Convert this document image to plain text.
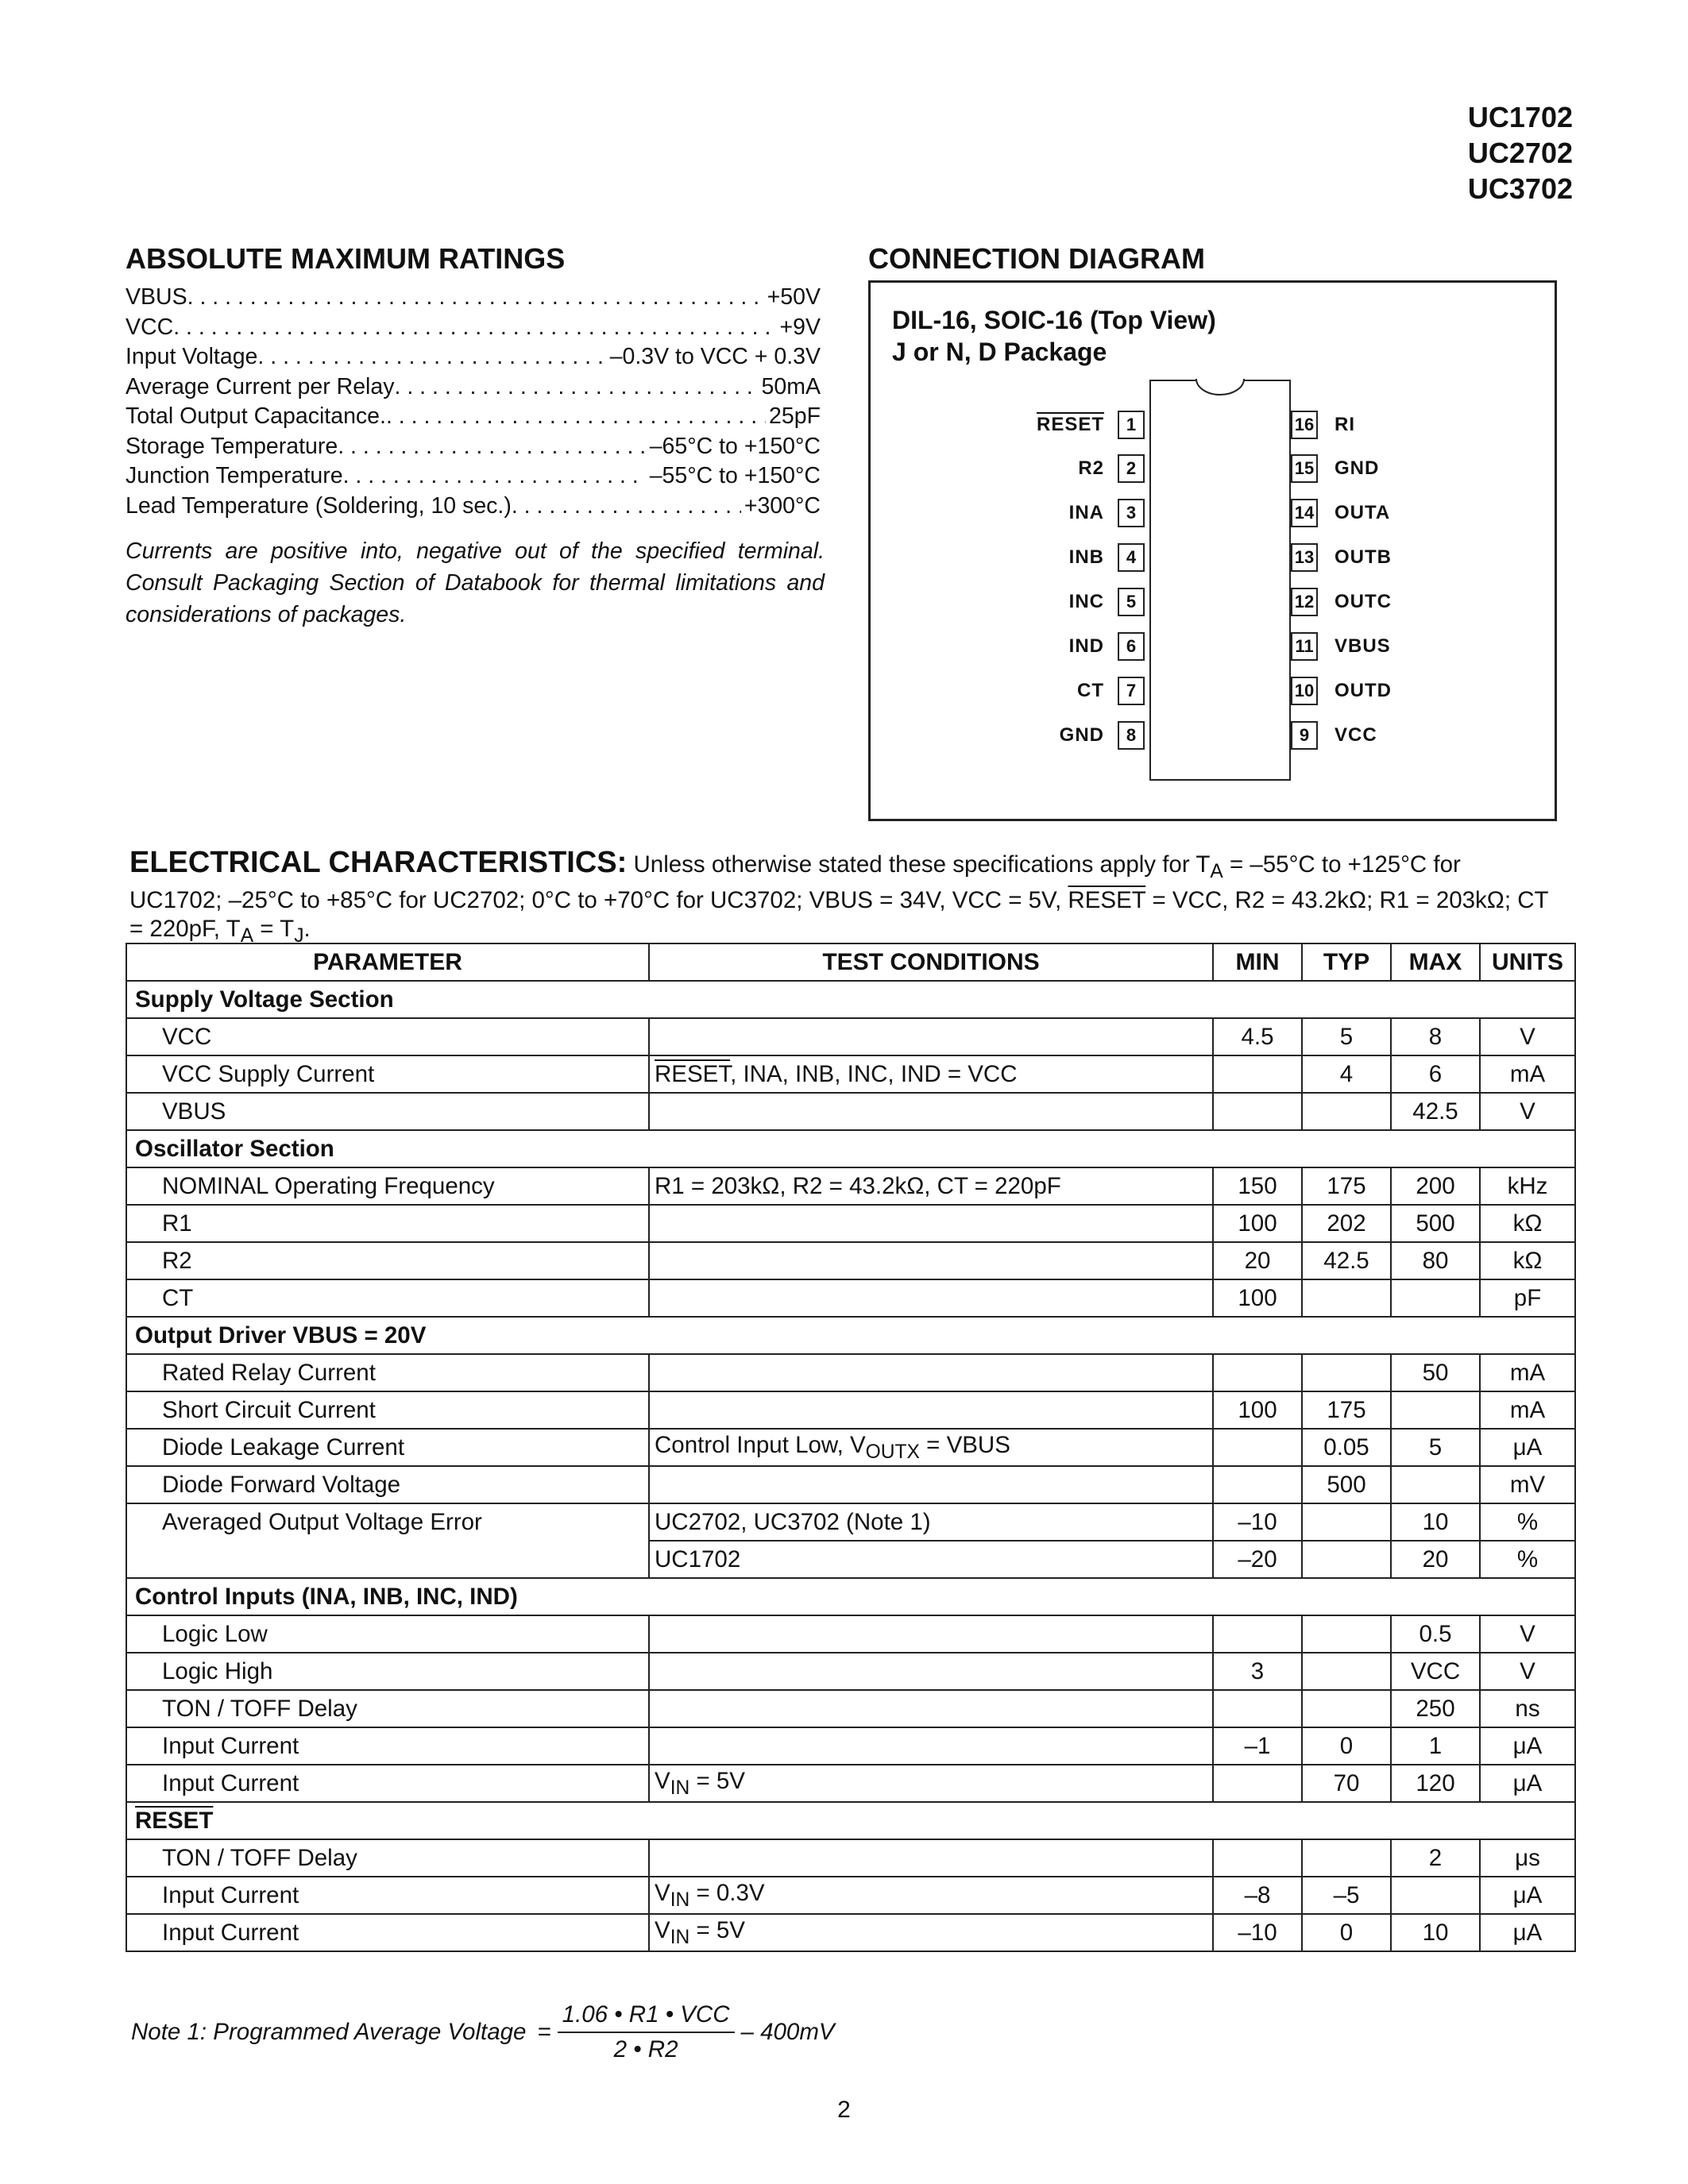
UC1702
UC2702
UC3702
ABSOLUTE MAXIMUM RATINGS
VBUS . . .	+50V
VCC . . .	+9V
Input Voltage . . .	–0.3V to VCC + 0.3V
Average Current per Relay . . .	50mA
Total Output Capacitance. . . .	25pF
Storage Temperature . . .	–65°C to +150°C
Junction Temperature . . .	–55°C to +150°C
Lead Temperature (Soldering, 10 sec.) . . .	+300°C
Currents are positive into, negative out of the specified terminal. Consult Packaging Section of Databook for thermal limitations and considerations of packages.
CONNECTION DIAGRAM
DIL-16, SOIC-16 (Top View)
J or N, D Package
1
RESET
2
R2
3
INA
4
INB
5
INC
6
IND
7
CT
8
GND
16 RI
15 GND
14 OUTA
13 OUTB
12 OUTC
11 VBUS
10 OUTD
9	VCC
ELECTRICAL CHARACTERISTICS: Unless otherwise stated these specifications apply for $T_A = -55^\circ C$ to +125°C for UC1702; –25°C to +85°C for UC2702; 0°C to +70°C for UC3702; VBUS = 34V, VCC = 5V, RESET = VCC, R2 = 43.2kΩ; R1 = 203kΩ; CT = 220pF, $T_A = T_J$.
PARAMETER	TEST CONDITIONS	MIN	TYP	MAX	UNITS
Supply Voltage Section					
VCC		4.5	5	8	V
VCC Supply Current	RESET, INA, INB, INC, IND = VCC		4	6	mA
VBUS				42.5	V
Oscillator Section					
NOMINAL Operating Frequency	R1 = 203kΩ, R2 = 43.2kΩ, CT = 220pF	150	175	200	kHz
R1		100	202	500	kΩ
R2		20	42.5	80	kΩ
CT		100			pF
Output Driver VBUS = 20V					
Rated Relay Current				50	mA
Short Circuit Current		100	175		mA
Diode Leakage Current	Control Input Low, $V_{OUTX}$ = VBUS		0.05	5	μA
Diode Forward Voltage			500		mV
Averaged Output Voltage Error	UC2702, UC3702 (Note 1)	–10		10	%
	UC1702	–20		20	%
Control Inputs (INA, INB, INC, IND)					
Logic Low				0.5	V
Logic High		3		VCC	V
TON / TOFF Delay				250	ns
Input Current		–1	0	1	μA
Input Current	$V_{IN} = 5V$		70	120	μA
RESET					
TON / TOFF Delay				2	μs
Input Current	$V_{IN} = 0.3V$	–8	–5		μA
Input Current	$V_{IN} = 5V$	–10	0	10	μA
Note 1: Programmed Average Voltage = $\frac{\text{1.06 • R1 • VCC}}{2 • R2} - 400mV$
2
